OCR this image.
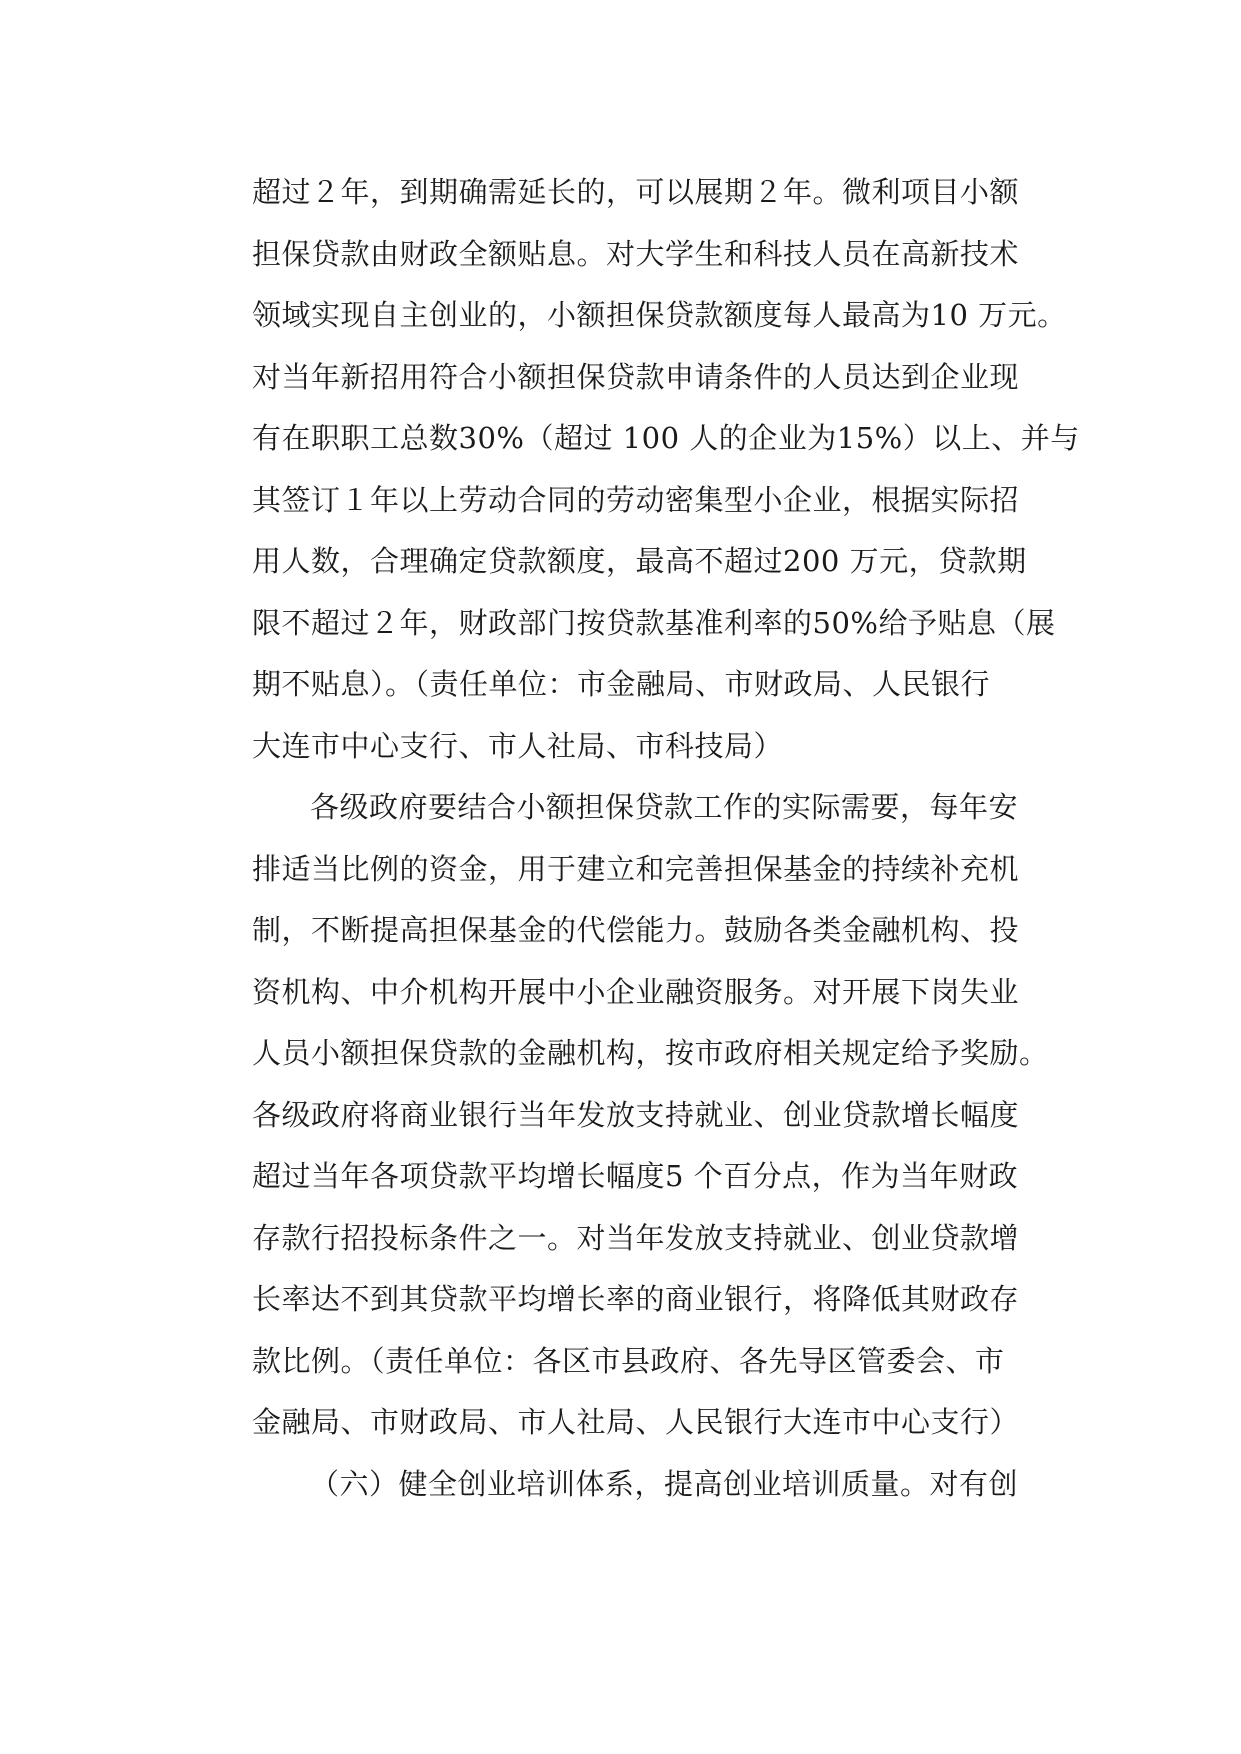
超过２年，到期确需延长的，可以展期２年。微利项目小额
担保贷款由财政全额贴息。对大学生和科技人员在高新技术
领域实现自主创业的，小额担保贷款额度每人最高为10 万元。
对当年新招用符合小额担保贷款申请条件的人员达到企业现
有在职职工总数30%（超过 100 人的企业为15%）以上、并与
其签订１年以上劳动合同的劳动密集型小企业，根据实际招
用人数，合理确定贷款额度，最高不超过200 万元，贷款期
限不超过２年，财政部门按贷款基准利率的50%给予贴息（展
期不贴息）。（责任单位：市金融局、市财政局、人民银行
大连市中心支行、市人社局、市科技局）
各级政府要结合小额担保贷款工作的实际需要，每年安
排适当比例的资金，用于建立和完善担保基金的持续补充机
制，不断提高担保基金的代偿能力。鼓励各类金融机构、投
资机构、中介机构开展中小企业融资服务。对开展下岗失业
人员小额担保贷款的金融机构，按市政府相关规定给予奖励。
各级政府将商业银行当年发放支持就业、创业贷款增长幅度
超过当年各项贷款平均增长幅度5 个百分点，作为当年财政
存款行招投标条件之一。对当年发放支持就业、创业贷款增
长率达不到其贷款平均增长率的商业银行，将降低其财政存
款比例。（责任单位：各区市县政府、各先导区管委会、市
金融局、市财政局、市人社局、人民银行大连市中心支行）
（六）健全创业培训体系，提高创业培训质量。对有创
